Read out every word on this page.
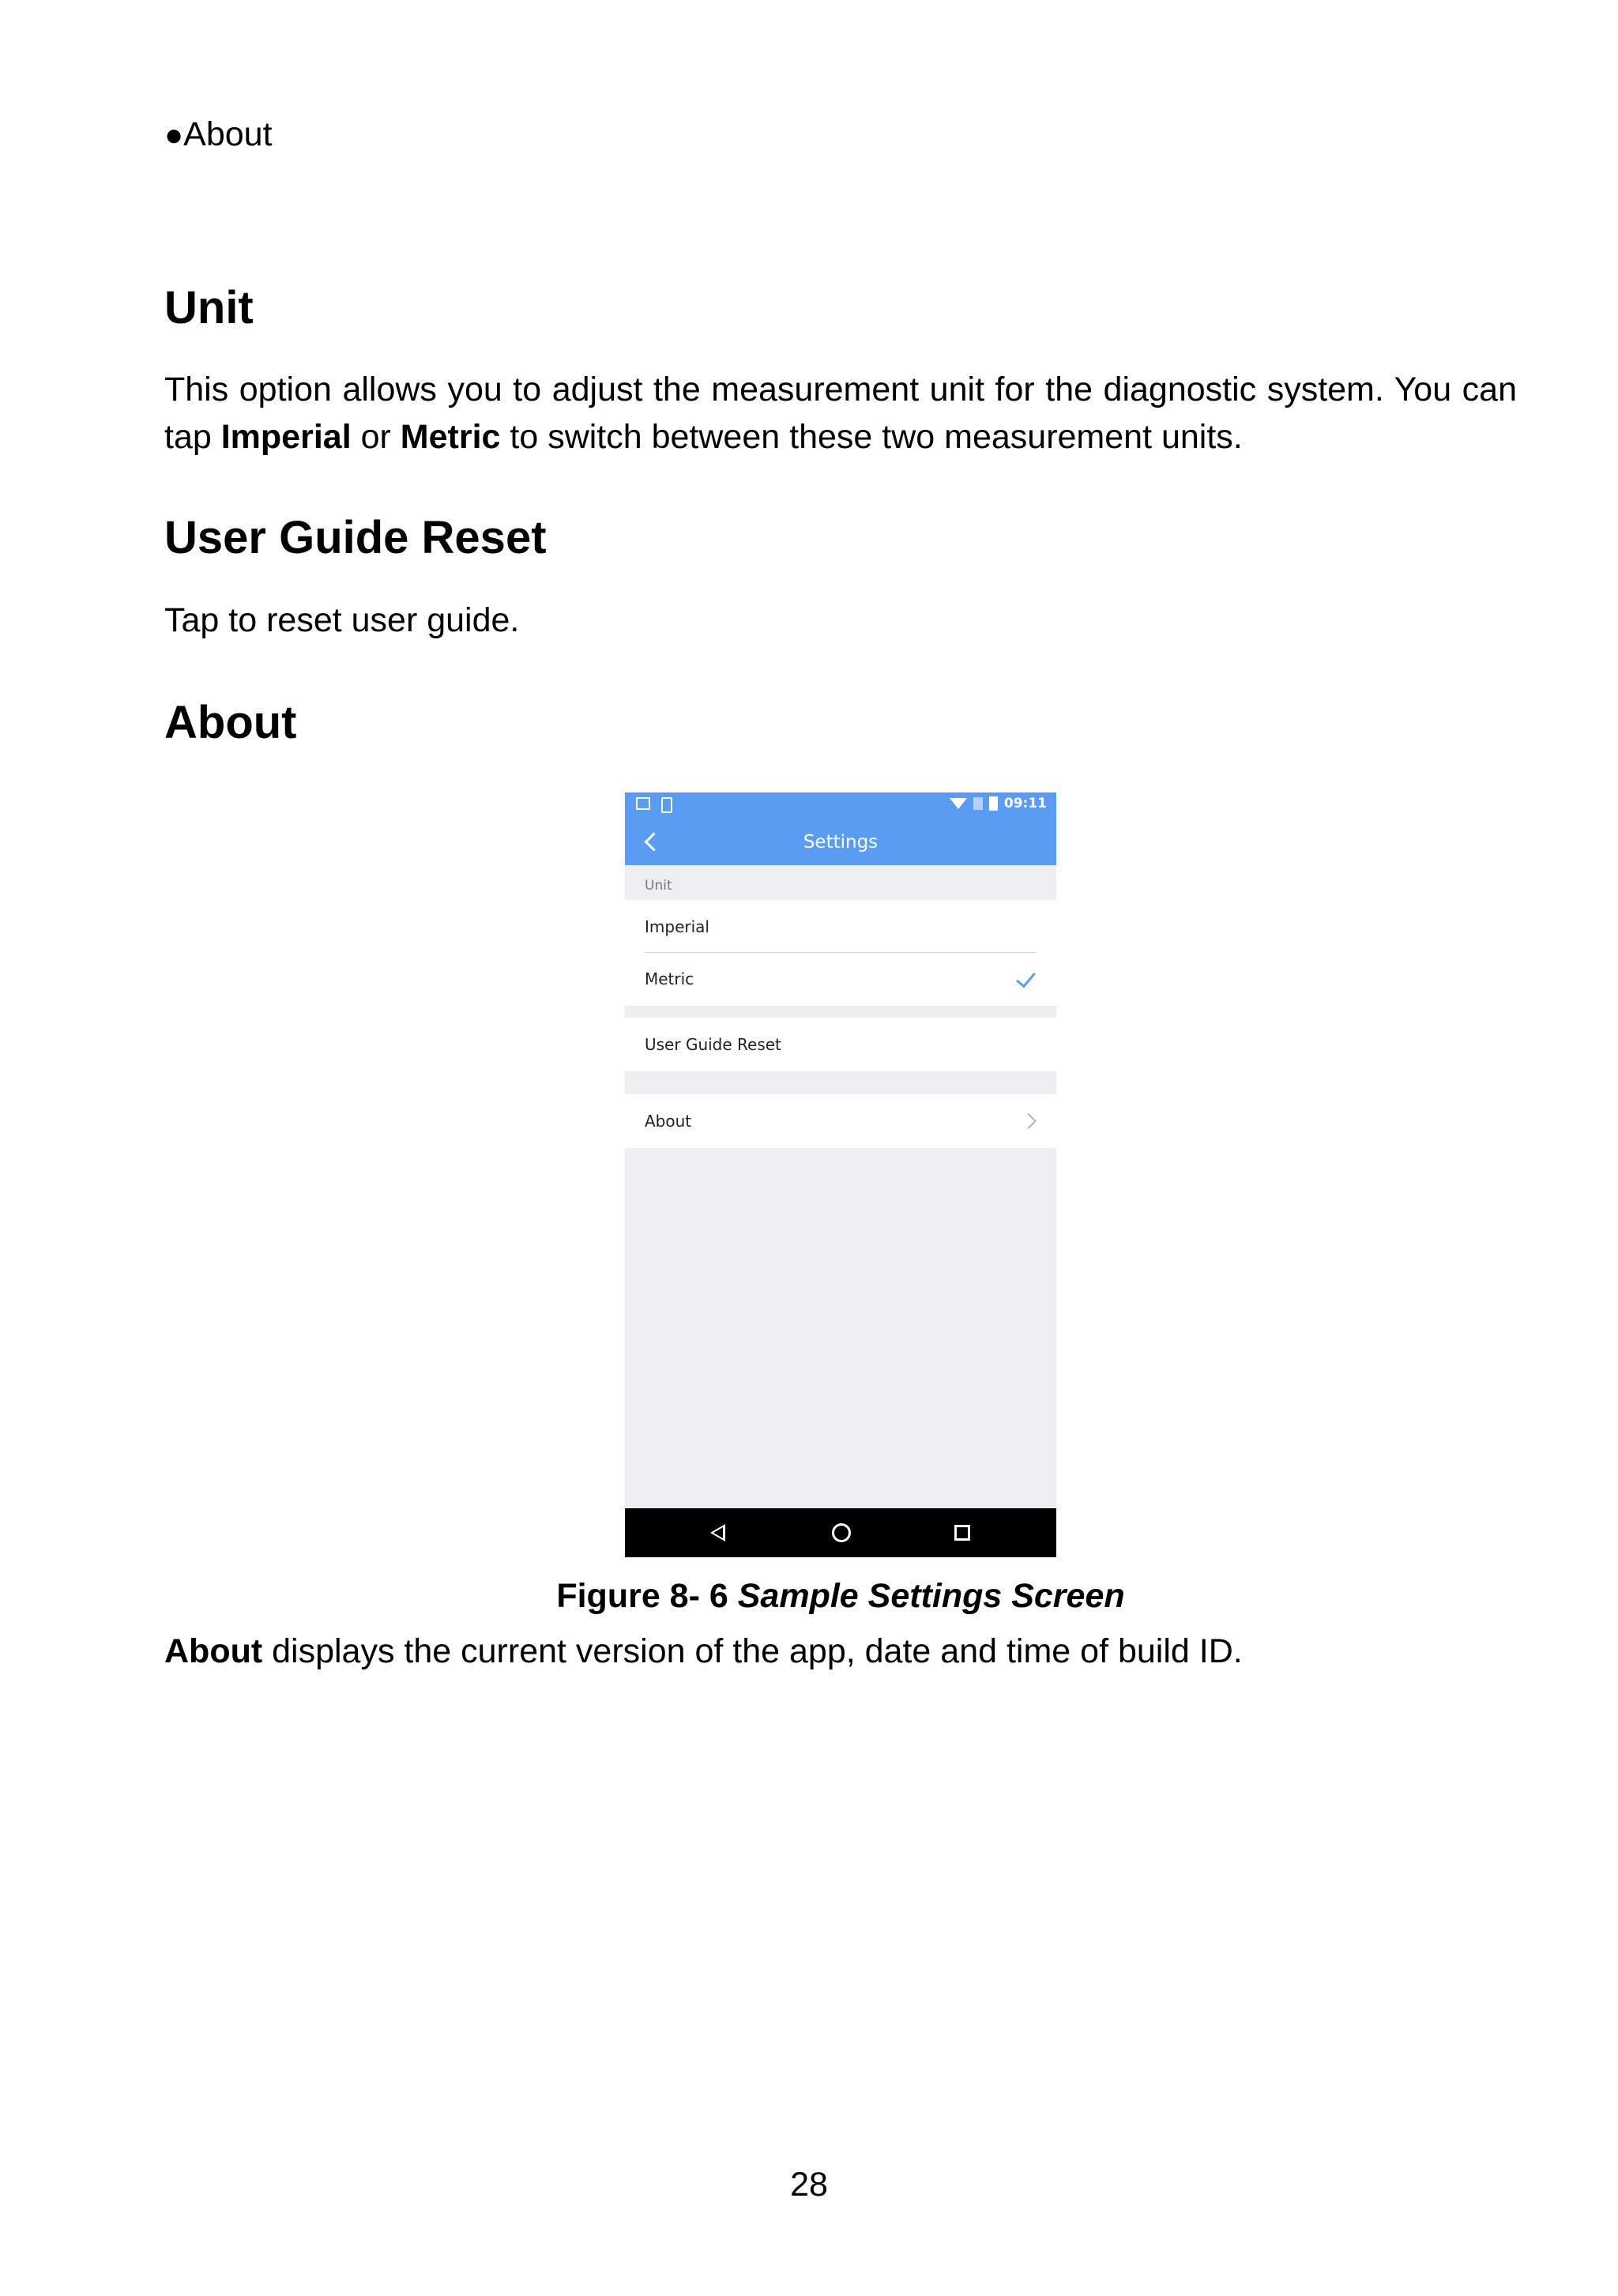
●About
Unit

This option allows you to adjust the measurement unit for the diagnostic system. You can tap Imperial or Metric to switch between these two measurement units.

User Guide Reset

Tap to reset user guide.

About
Figure 8- 6 Sample Settings Screen

About displays the current version of the app, date and time of build ID.

09:11
Settings
Unit
Imperial
Metric
User Guide Reset
About
28
